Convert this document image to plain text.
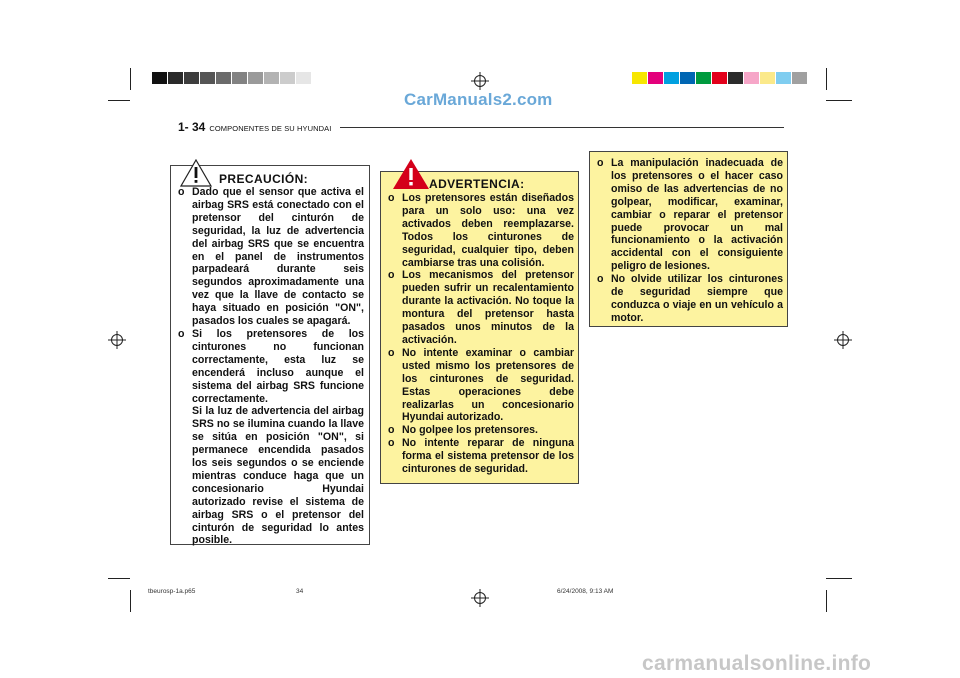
CarManuals2.com
1- 34 COMPONENTES DE SU HYUNDAI
PRECAUCIÓN:
o Dado que el sensor que activa el airbag SRS está conectado con el pretensor del cinturón de seguridad, la luz de advertencia del airbag SRS que se encuentra en el panel de instrumentos parpadeará durante seis segundos aproximadamente una vez que la llave de contacto se haya situado en posición "ON", pasados los cuales se apagará.
o Si los pretensores de los cinturones no funcionan correctamente, esta luz se encenderá incluso aunque el sistema del airbag SRS funcione correctamente.
Si la luz de advertencia del airbag SRS no se ilumina cuando la llave se sitúa en posición "ON", si permanece encendida pasados los seis segundos o se enciende mientras conduce haga que un concesionario Hyundai autorizado revise el sistema de airbag SRS o el pretensor del cinturón de seguridad lo antes posible.
ADVERTENCIA:
o Los pretensores están diseñados para un solo uso: una vez activados deben reemplazarse. Todos los cinturones de seguridad, cualquier tipo, deben cambiarse tras una colisión.
o Los mecanismos del pretensor pueden sufrir un recalentamiento durante la activación. No toque la montura del pretensor hasta pasados unos minutos de la activación.
o No intente examinar o cambiar usted mismo los pretensores de los cinturones de seguridad. Estas operaciones debe realizarlas un concesionario Hyundai autorizado.
o No golpee los pretensores.
o No intente reparar de ninguna forma el sistema pretensor de los cinturones de seguridad.
o La manipulación inadecuada de los pretensores o el hacer caso omiso de las advertencias de no golpear, modificar, examinar, cambiar o reparar el pretensor puede provocar un mal funcionamiento o la activación accidental con el consiguiente peligro de lesiones.
o No olvide utilizar los cinturones de seguridad siempre que conduzca o viaje en un vehículo a motor.
tbeurosp-1a.p65	34	6/24/2008, 9:13 AM
carmanualsonline.info
